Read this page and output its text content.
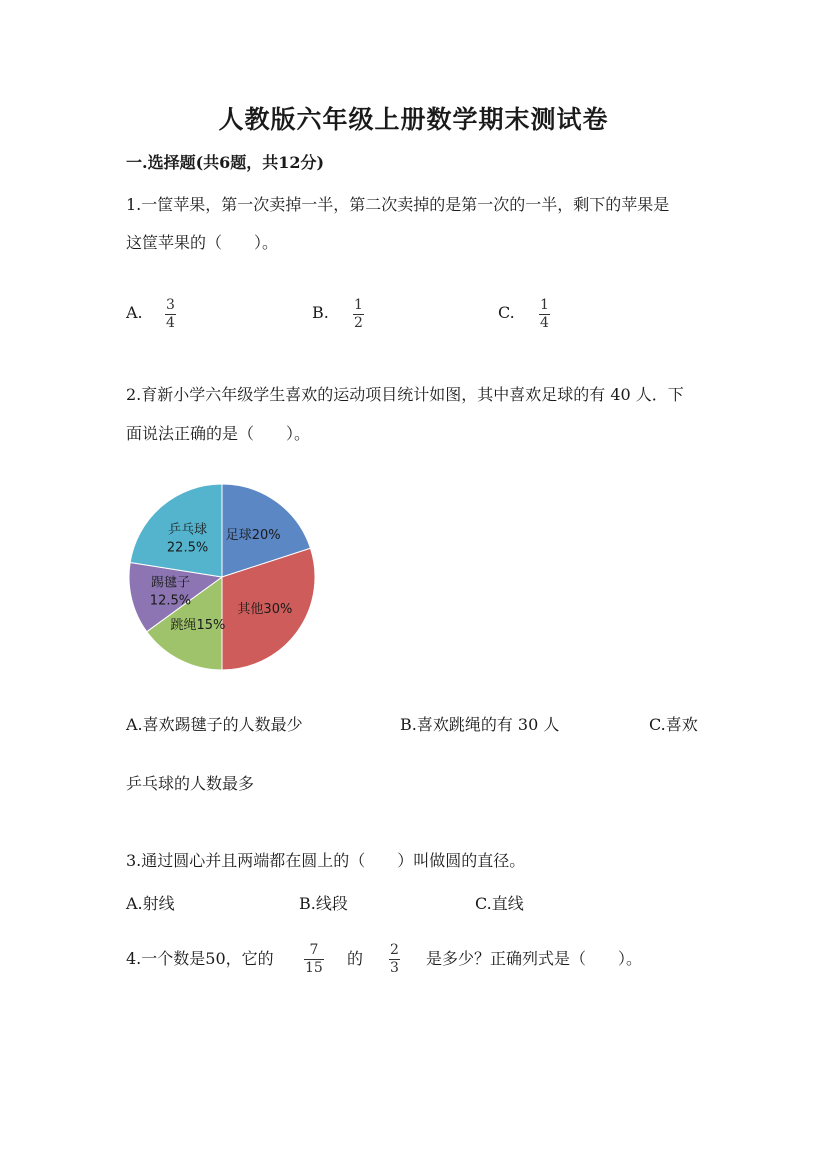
人教版六年级上册数学期末测试卷
一.选择题(共6题，共12分)
1.一筐苹果，第一次卖掉一半，第二次卖掉的是第一次的一半，剩下的苹果是
这筐苹果的（　　）。
A. 3
4
B. 1
2
C. 1
4
2.育新小学六年级学生喜欢的运动项目统计如图，其中喜欢足球的有 40 人．下
面说法正确的是（　　）。
足球20%
其他30%
跳绳15%
踢毽子
12.5%
乒乓球
22.5%
A.喜欢踢毽子的人数最少	B.喜欢跳绳的有 30 人	C.喜欢
乒乓球的人数最多
3.通过圆心并且两端都在圆上的（　　）叫做圆的直径。
A.射线	B.线段	C.直线
4.一个数是50，它的	7
15 的 2
3 是多少？正确列式是（　　）。
